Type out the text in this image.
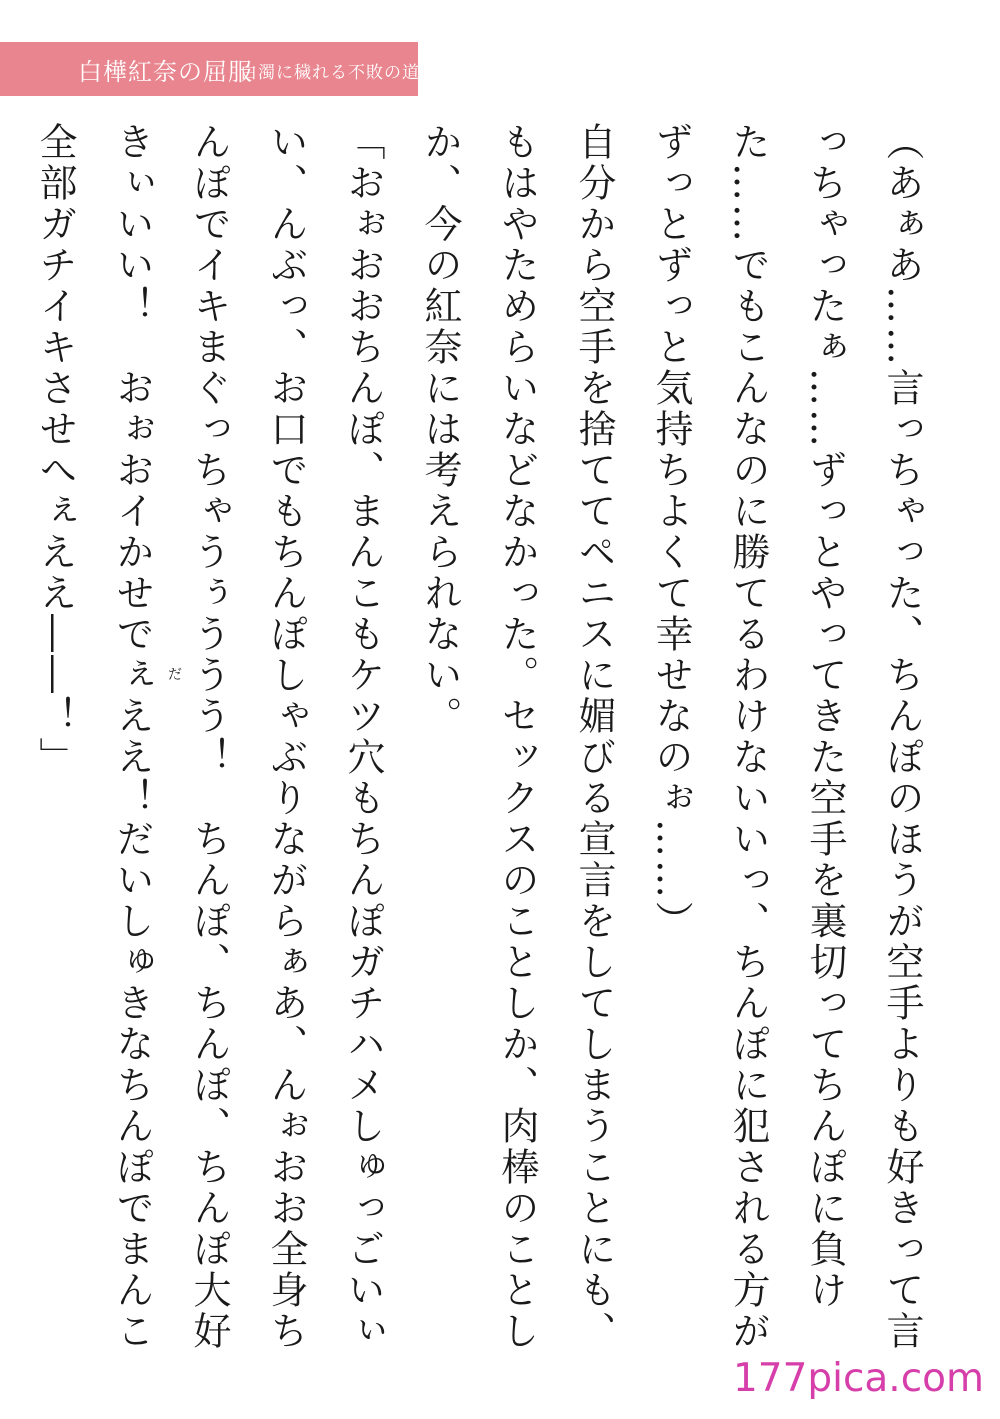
白樺紅奈の屈服
白濁に穢れる不敗の道着

（あぁあ……言っちゃった、ちんぽのほうが空手よりも好きって言っちゃったぁ……ずっとやってきた空手を裏切ってちんぽに負けた……でもこんなのに勝てるわけないいっ、ちんぽに犯される方がずっとずっと気持ちよくて幸せなのぉ……）

自分から空手を捨ててペニスに媚びる宣言をしてしまうことにも、もはやためらいなどなかった。セックスのことしか、肉棒のことしか、今の紅奈には考えられない。

「おぉおおちんぽ、まんこもケツ穴もちんぽガチハメしゅっごいぃい、んぶっ、お口でもちんぽしゃぶりながらぁあ、んぉおお全身ちんぽでイキまぐっちゃうぅううう！　ちんぽ、ちんぽ、ちんぽ大好きぃいい！　おぉおイかせでぇええ！だいしゅきなちんぽでまんこ全部ガチイキさせへぇええ――！」	だ
177pica.com
